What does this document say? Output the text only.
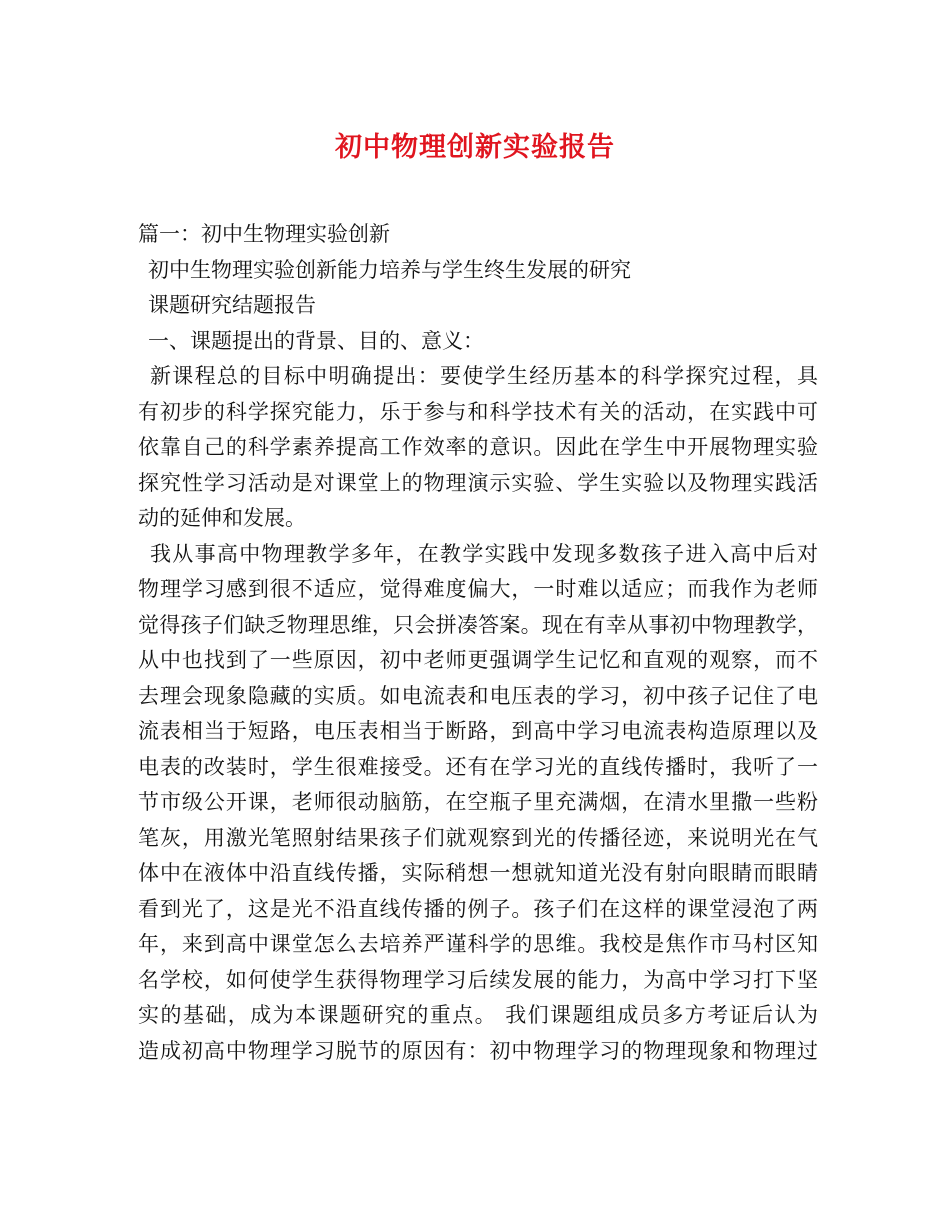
初中物理创新实验报告
篇一：初中生物理实验创新
初中生物理实验创新能力培养与学生终生发展的研究
课题研究结题报告
一、课题提出的背景、目的、意义：
新课程总的目标中明确提出：要使学生经历基本的科学探究过程，具
有初步的科学探究能力，乐于参与和科学技术有关的活动，在实践中可
依靠自己的科学素养提高工作效率的意识。因此在学生中开展物理实验
探究性学习活动是对课堂上的物理演示实验、学生实验以及物理实践活
动的延伸和发展。
我从事高中物理教学多年，在教学实践中发现多数孩子进入高中后对
物理学习感到很不适应，觉得难度偏大，一时难以适应；而我作为老师
觉得孩子们缺乏物理思维，只会拼凑答案。现在有幸从事初中物理教学，
从中也找到了一些原因，初中老师更强调学生记忆和直观的观察，而不
去理会现象隐藏的实质。如电流表和电压表的学习，初中孩子记住了电
流表相当于短路，电压表相当于断路，到高中学习电流表构造原理以及
电表的改装时，学生很难接受。还有在学习光的直线传播时，我听了一
节市级公开课，老师很动脑筋，在空瓶子里充满烟，在清水里撒一些粉
笔灰，用激光笔照射结果孩子们就观察到光的传播径迹，来说明光在气
体中在液体中沿直线传播，实际稍想一想就知道光没有射向眼睛而眼睛
看到光了，这是光不沿直线传播的例子。孩子们在这样的课堂浸泡了两
年，来到高中课堂怎么去培养严谨科学的思维。我校是焦作市马村区知
名学校，如何使学生获得物理学习后续发展的能力，为高中学习打下坚
实的基础，成为本课题研究的重点。 我们课题组成员多方考证后认为
造成初高中物理学习脱节的原因有：初中物理学习的物理现象和物理过
